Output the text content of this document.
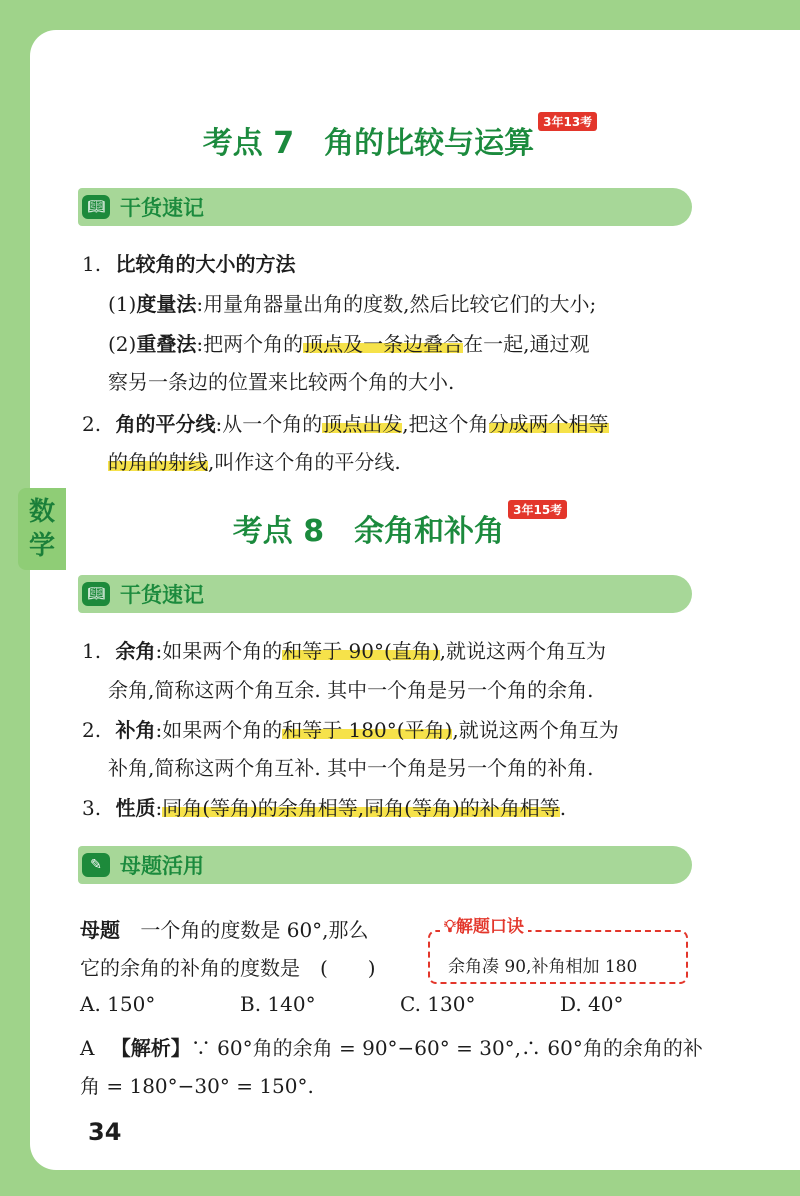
数
学
考点 7　角的比较与运算3年13考
📖︎ 干货速记
1. 比较角的大小的方法
(1)度量法:用量角器量出角的度数,然后比较它们的大小;
(2)重叠法:把两个角的顶点及一条边叠合在一起,通过观
察另一条边的位置来比较两个角的大小.
2. 角的平分线:从一个角的顶点出发,把这个角分成两个相等
的角的射线,叫作这个角的平分线.
考点 8　余角和补角3年15考
📖︎ 干货速记
1. 余角:如果两个角的和等于 90°(直角),就说这两个角互为
余角,简称这两个角互余. 其中一个角是另一个角的余角.
2. 补角:如果两个角的和等于 180°(平角),就说这两个角互为
补角,简称这两个角互补. 其中一个角是另一个角的补角.
3. 性质:同角(等角)的余角相等,同角(等角)的补角相等.
✎ 母题活用
母题 一个角的度数是 60°,那么
它的余角的补角的度数是　(　　)
💡︎解题口诀
余角凑 90,补角相加 180
A. 150°	B. 140°	C. 130°	D. 40°
A 【解析】∵ 60°角的余角 = 90°−60° = 30°,∴ 60°角的余角的补
角 = 180°−30° = 150°.
34
